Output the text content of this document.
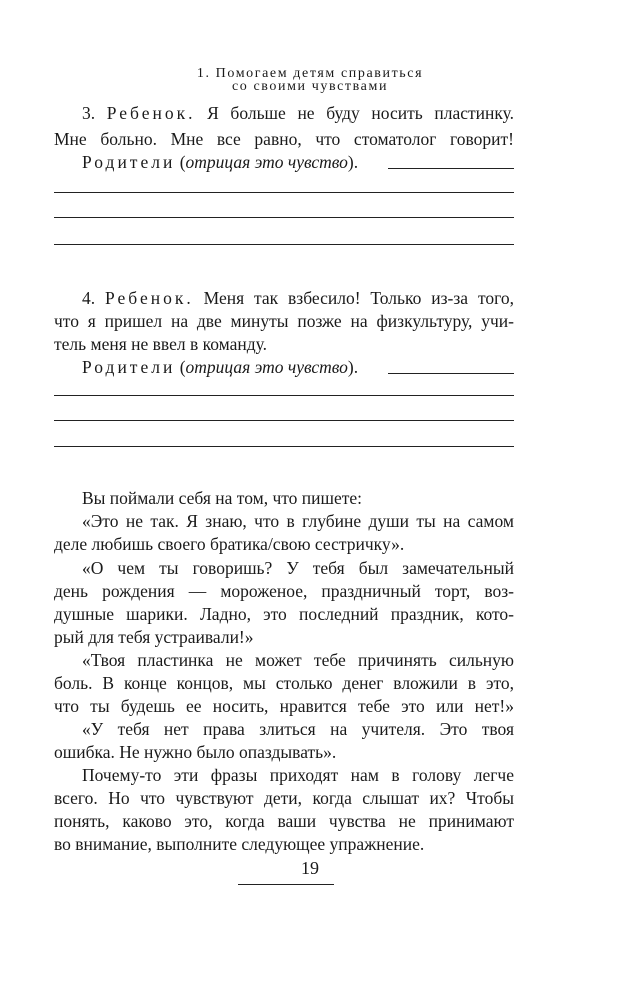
1. Помогаем детям справиться
со своими чувствами
3. Ребенок. Я больше не буду носить пластинку.
Мне больно. Мне все равно, что стоматолог говорит!
Родители (отрицая это чувство).
4. Ребенок. Меня так взбесило! Только из-за того,
что я пришел на две минуты позже на физкультуру, учи-
тель меня не ввел в команду.
Родители (отрицая это чувство).
Вы поймали себя на том, что пишете:
«Это не так. Я знаю, что в глубине души ты на самом
деле любишь своего братика/свою сестричку».
«О чем ты говоришь? У тебя был замечательный
день рождения — мороженое, праздничный торт, воз-
душные шарики. Ладно, это последний праздник, кото-
рый для тебя устраивали!»
«Твоя пластинка не может тебе причинять сильную
боль. В конце концов, мы столько денег вложили в это,
что ты будешь ее носить, нравится тебе это или нет!»
«У тебя нет права злиться на учителя. Это твоя
ошибка. Не нужно было опаздывать».
Почему-то эти фразы приходят нам в голову легче
всего. Но что чувствуют дети, когда слышат их? Чтобы
понять, каково это, когда ваши чувства не принимают
во внимание, выполните следующее упражнение.
19
